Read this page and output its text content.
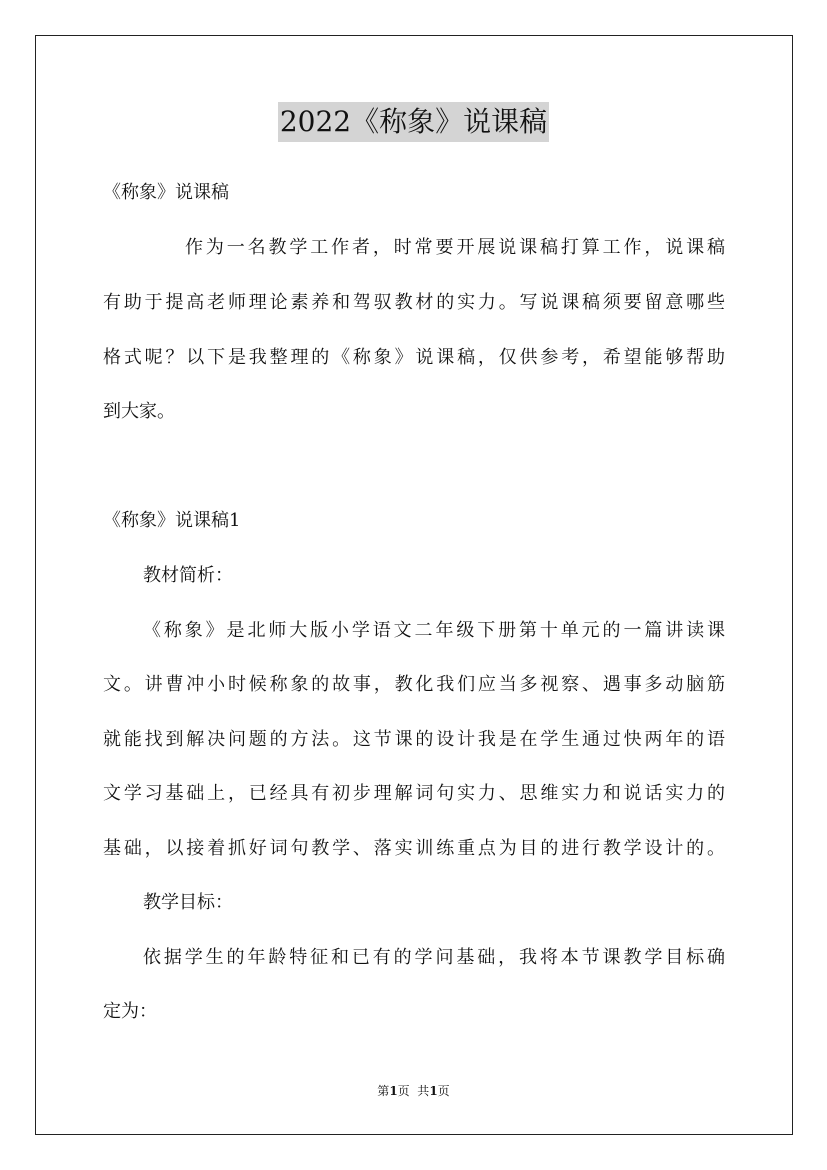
2022《称象》说课稿
《称象》说课稿
作为一名教学工作者，时常要开展说课稿打算工作，说课稿
有助于提高老师理论素养和驾驭教材的实力。写说课稿须要留意哪些
格式呢？以下是我整理的《称象》说课稿，仅供参考，希望能够帮助
到大家。
《称象》说课稿1
教材简析：
《称象》是北师大版小学语文二年级下册第十单元的一篇讲读课
文。讲曹冲小时候称象的故事，教化我们应当多视察、遇事多动脑筋
就能找到解决问题的方法。这节课的设计我是在学生通过快两年的语
文学习基础上，已经具有初步理解词句实力、思维实力和说话实力的
基础，以接着抓好词句教学、落实训练重点为目的进行教学设计的。
教学目标：
依据学生的年龄特征和已有的学问基础，我将本节课教学目标确
定为：
第1页  共1页
